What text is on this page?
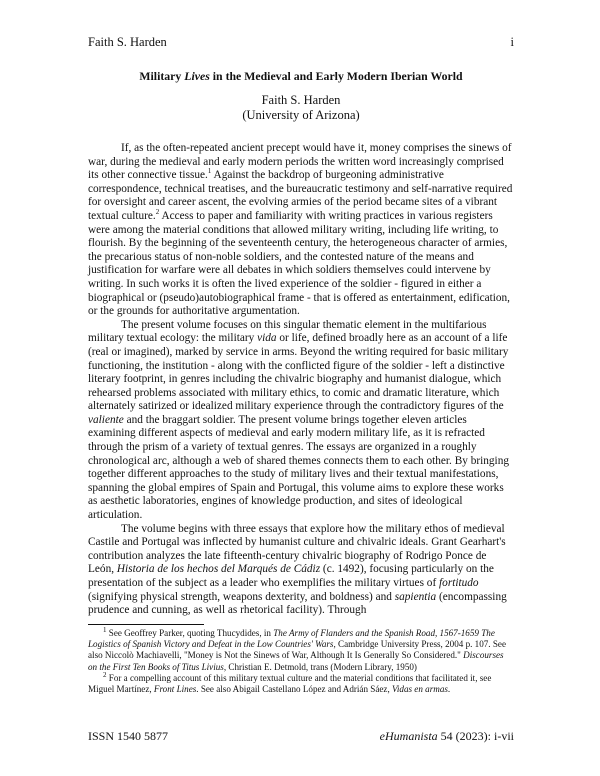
Faith S. Harden	i
Military Lives in the Medieval and Early Modern Iberian World
Faith S. Harden
(University of Arizona)

If, as the often-repeated ancient precept would have it, money comprises the sinews of war, during the medieval and early modern periods the written word increasingly comprised its other connective tissue.$^1$ Against the backdrop of burgeoning administrative correspondence, technical treatises, and the bureaucratic testimony and self-narrative required for oversight and career ascent, the evolving armies of the period became sites of a vibrant textual culture.$^2$ Access to paper and familiarity with writing practices in various registers were among the material conditions that allowed military writing, including life writing, to flourish. By the beginning of the seventeenth century, the heterogeneous character of armies, the precarious status of non-noble soldiers, and the contested nature of the means and justification for warfare were all debates in which soldiers themselves could intervene by writing. In such works it is often the lived experience of the soldier - figured in either a biographical or (pseudo)autobiographical frame - that is offered as entertainment, edification, or the grounds for authoritative argumentation.

The present volume focuses on this singular thematic element in the multifarious military textual ecology: the military vida or life, defined broadly here as an account of a life (real or imagined), marked by service in arms. Beyond the writing required for basic military functioning, the institution - along with the conflicted figure of the soldier - left a distinctive literary footprint, in genres including the chivalric biography and humanist dialogue, which rehearsed problems associated with military ethics, to comic and dramatic literature, which alternately satirized or idealized military experience through the contradictory figures of the valiente and the braggart soldier. The present volume brings together eleven articles examining different aspects of medieval and early modern military life, as it is refracted through the prism of a variety of textual genres. The essays are organized in a roughly chronological arc, although a web of shared themes connects them to each other. By bringing together different approaches to the study of military lives and their textual manifestations, spanning the global empires of Spain and Portugal, this volume aims to explore these works as aesthetic laboratories, engines of knowledge production, and sites of ideological articulation.

The volume begins with three essays that explore how the military ethos of medieval Castile and Portugal was inflected by humanist culture and chivalric ideals. Grant Gearhart's contribution analyzes the late fifteenth-century chivalric biography of Rodrigo Ponce de León, Historia de los hechos del Marqués de Cádiz (c. 1492), focusing particularly on the presentation of the subject as a leader who exemplifies the military virtues of fortitudo (signifying physical strength, weapons dexterity, and boldness) and sapientia (encompassing prudence and cunning, as well as rhetorical facility). Through

$^1$ See Geoffrey Parker, quoting Thucydides, in The Army of Flanders and the Spanish Road, 1567-1659 The Logistics of Spanish Victory and Defeat in the Low Countries' Wars, Cambridge University Press, 2004 p. 107. See also Niccolò Machiavelli, "Money is Not the Sinews of War, Although It Is Generally So Considered." Discourses on the First Ten Books of Titus Livius, Christian E. Detmold, trans (Modern Library, 1950)

$^2$ For a compelling account of this military textual culture and the material conditions that facilitated it, see Miguel Martínez, Front Lines. See also Abigail Castellano López and Adrián Sáez, Vidas en armas.

ISSN 1540 5877	eHumanista 54 (2023): i-vii
